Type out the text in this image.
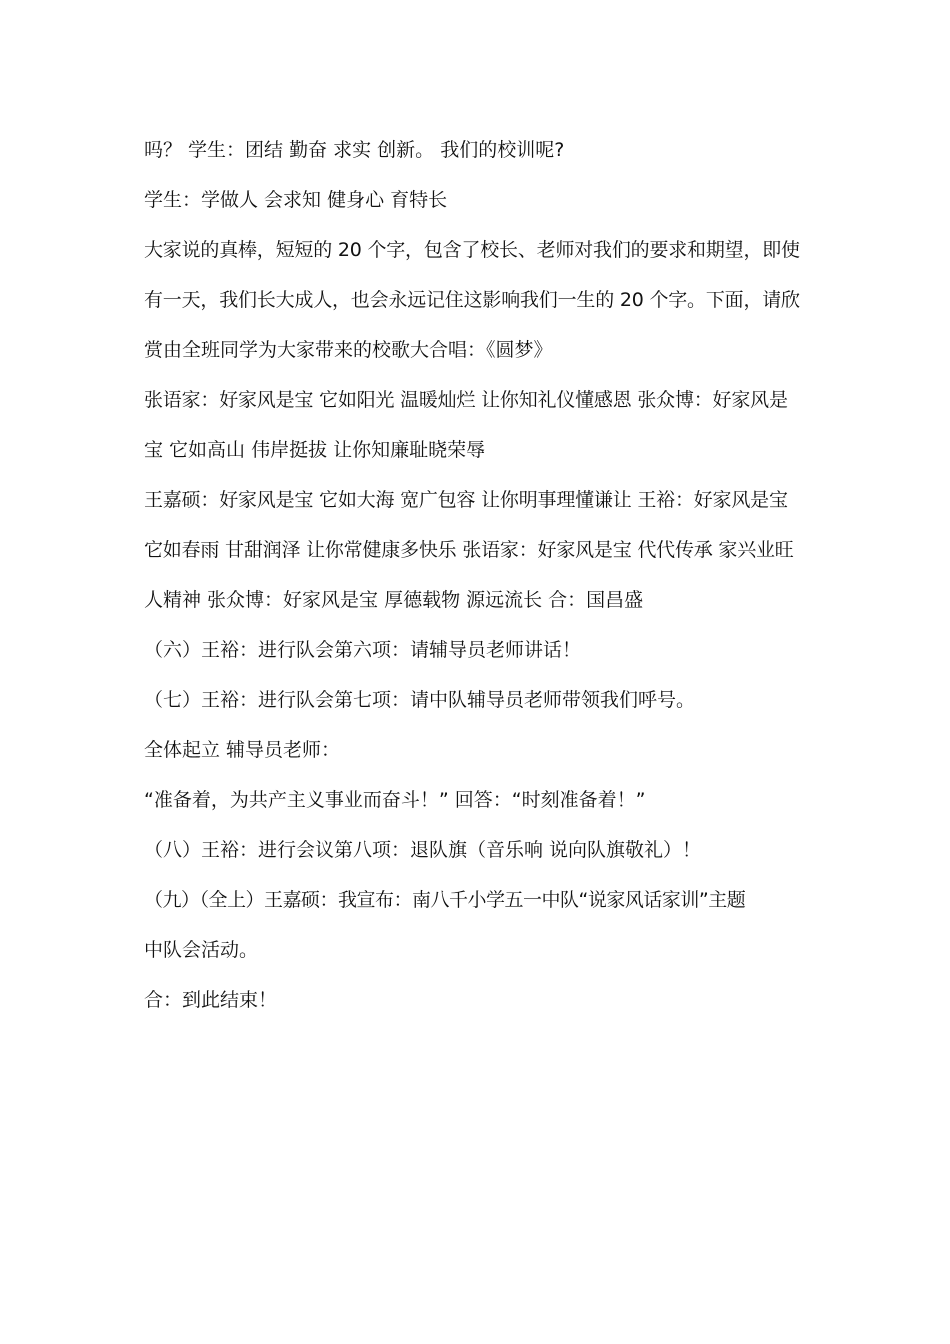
吗？ 学生：团结 勤奋 求实 创新。 我们的校训呢?
学生：学做人 会求知 健身心 育特长
大家说的真棒，短短的 20 个字，包含了校长、老师对我们的要求和期望，即使
有一天，我们长大成人，也会永远记住这影响我们一生的 20 个字。下面，请欣
赏由全班同学为大家带来的校歌大合唱：《圆梦》
张语家：好家风是宝 它如阳光 温暖灿烂 让你知礼仪懂感恩 张众博：好家风是
宝 它如高山 伟岸挺拔 让你知廉耻晓荣辱
王嘉硕：好家风是宝 它如大海 宽广包容 让你明事理懂谦让 王裕：好家风是宝
它如春雨 甘甜润泽 让你常健康多快乐 张语家：好家风是宝 代代传承 家兴业旺
人精神 张众博：好家风是宝 厚德载物 源远流长 合：国昌盛
（六）王裕：进行队会第六项：请辅导员老师讲话！
（七）王裕：进行队会第七项：请中队辅导员老师带领我们呼号。
全体起立 辅导员老师：
“准备着，为共产主义事业而奋斗！” 回答：“时刻准备着！”
（八）王裕：进行会议第八项：退队旗（音乐响 说向队旗敬礼）！
（九）（全上）王嘉硕：我宣布：南八千小学五一中队“说家风话家训”主题
中队会活动。
合：到此结束！
